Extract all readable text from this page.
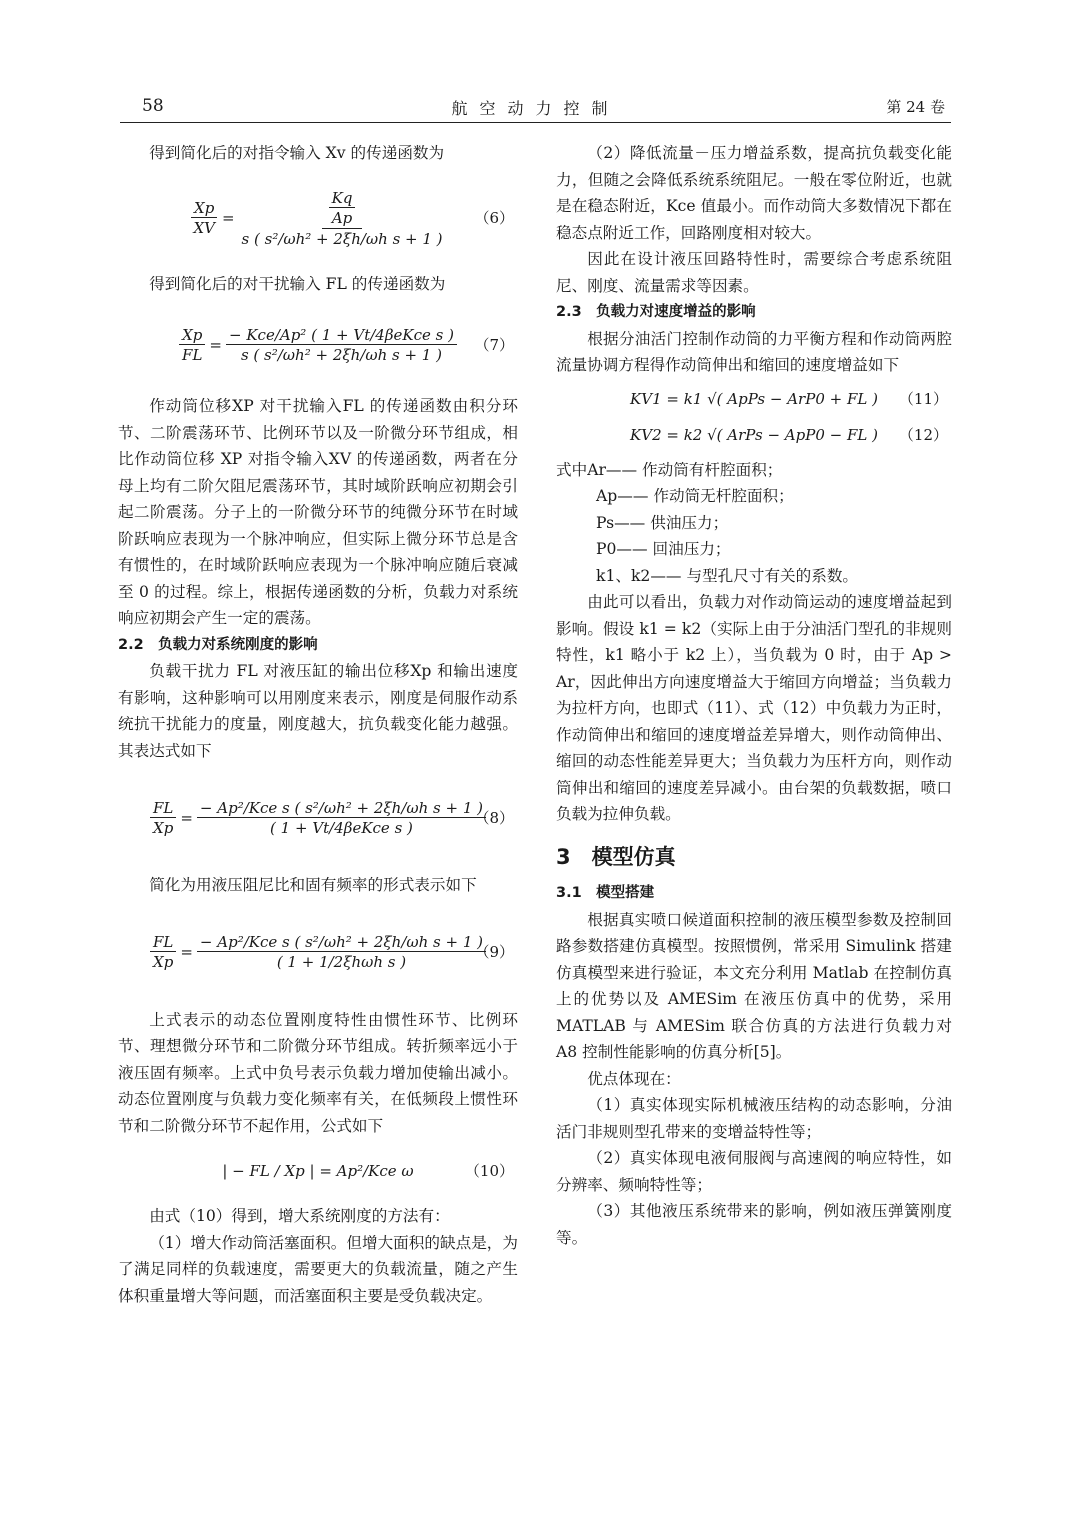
58	航空动力控制	第 24 卷

得到简化后的对指令输入 Xv 的传递函数为

$\frac{Xp}{XV} = \frac{\frac{Kq}{Ap}}{\text{s ( s²/ωh² + 2ξh/ωh s + 1 )}} (6)$

得到简化后的对干扰输入 FL 的传递函数为

$\frac{Xp}{FL} = \frac{\text{− Kce/Ap² ( 1 + Vt/4βeKce s )}}{\text{s ( s²/ωh² + 2ξh/ωh s + 1 )}} (7)$

作动筒位移XP 对干扰输入FL 的传递函数由积分环节、二阶震荡环节、比例环节以及一阶微分环节组成，相比作动筒位移 XP 对指令输入XV 的传递函数，两者在分母上均有二阶欠阻尼震荡环节，其时域阶跃响应初期会引起二阶震荡。分子上的一阶微分环节的纯微分环节在时域阶跃响应表现为一个脉冲响应，但实际上微分环节总是含有惯性的，在时域阶跃响应表现为一个脉冲响应随后衰减至 0 的过程。综上，根据传递函数的分析，负载力对系统响应初期会产生一定的震荡。

2.2　负载力对系统刚度的影响

负载干扰力 FL 对液压缸的输出位移Xp 和输出速度有影响，这种影响可以用刚度来表示，刚度是伺服作动系统抗干扰能力的度量，刚度越大，抗负载变化能力越强。其表达式如下

$\frac{FL}{Xp} = \frac{\text{− Ap²/Kce s ( s²/ωh² + 2ξh/ωh s + 1 )}}{\text{( 1 + Vt/4βeKce s )}}$
（8）

简化为用液压阻尼比和固有频率的形式表示如下

$\frac{FL}{Xp} = \frac{\text{− Ap²/Kce s ( s²/ωh² + 2ξh/ωh s + 1 )}}{\text{( 1 + 1/2ξhωh s )}}$
（9）

上式表示的动态位置刚度特性由惯性环节、比例环节、理想微分环节和二阶微分环节组成。转折频率远小于液压固有频率。上式中负号表示负载力增加使输出减小。动态位置刚度与负载力变化频率有关，在低频段上惯性环节和二阶微分环节不起作用，公式如下

| − FL / Xp |
= Ap²/Kce ω	（10）

由式（10）得到，增大系统刚度的方法有：

（1）增大作动筒活塞面积。但增大面积的缺点是，为了满足同样的负载速度，需要更大的负载流量，随之产生体积重量增大等问题，而活塞面积主要是受负载决定。

（2）降低流量－压力增益系数，提高抗负载变化能力，但随之会降低系统系统阻尼。一般在零位附近，也就是在稳态附近，Kce 值最小。而作动筒大多数情况下都在稳态点附近工作，回路刚度相对较大。

因此在设计液压回路特性时，需要综合考虑系统阻尼、刚度、流量需求等因素。

2.3　负载力对速度增益的影响

根据分油活门控制作动筒的力平衡方程和作动筒两腔流量协调方程得作动筒伸出和缩回的速度增益如下

KV1 = k1 √( ApPs − ArP0 + FL ) （11）
KV2 = k2 √( ArPs − ApP0 − FL ) （12）

式中Ar—— 作动筒有杆腔面积；

Ap—— 作动筒无杆腔面积；

Ps—— 供油压力；

P0—— 回油压力；

k1、k2—— 与型孔尺寸有关的系数。

由此可以看出，负载力对作动筒运动的速度增益起到影响。假设 k1 = k2（实际上由于分油活门型孔的非规则特性，k1 略小于 k2 上），当负载为 0 时，由于 Ap > Ar，因此伸出方向速度增益大于缩回方向增益；当负载力为拉杆方向，也即式（11）、式（12）中负载力为正时，作动筒伸出和缩回的速度增益差异增大，则作动筒伸出、缩回的动态性能差异更大；当负载力为压杆方向，则作动筒伸出和缩回的速度差异减小。由台架的负载数据，喷口负载为拉伸负载。

3　模型仿真
3.1　模型搭建

根据真实喷口候道面积控制的液压模型参数及控制回路参数搭建仿真模型。按照惯例，常采用 Simulink 搭建仿真模型来进行验证，本文充分利用 Matlab 在控制仿真上的优势以及 AMESim 在液压仿真中的优势，采用 MATLAB 与 AMESim 联合仿真的方法进行负载力对 A8 控制性能影响的仿真分析[5]。

优点体现在：

（1）真实体现实际机械液压结构的动态影响，分油活门非规则型孔带来的变增益特性等；

（2）真实体现电液伺服阀与高速阀的响应特性，如分辨率、频响特性等；

（3）其他液压系统带来的影响，例如液压弹簧刚度等。
